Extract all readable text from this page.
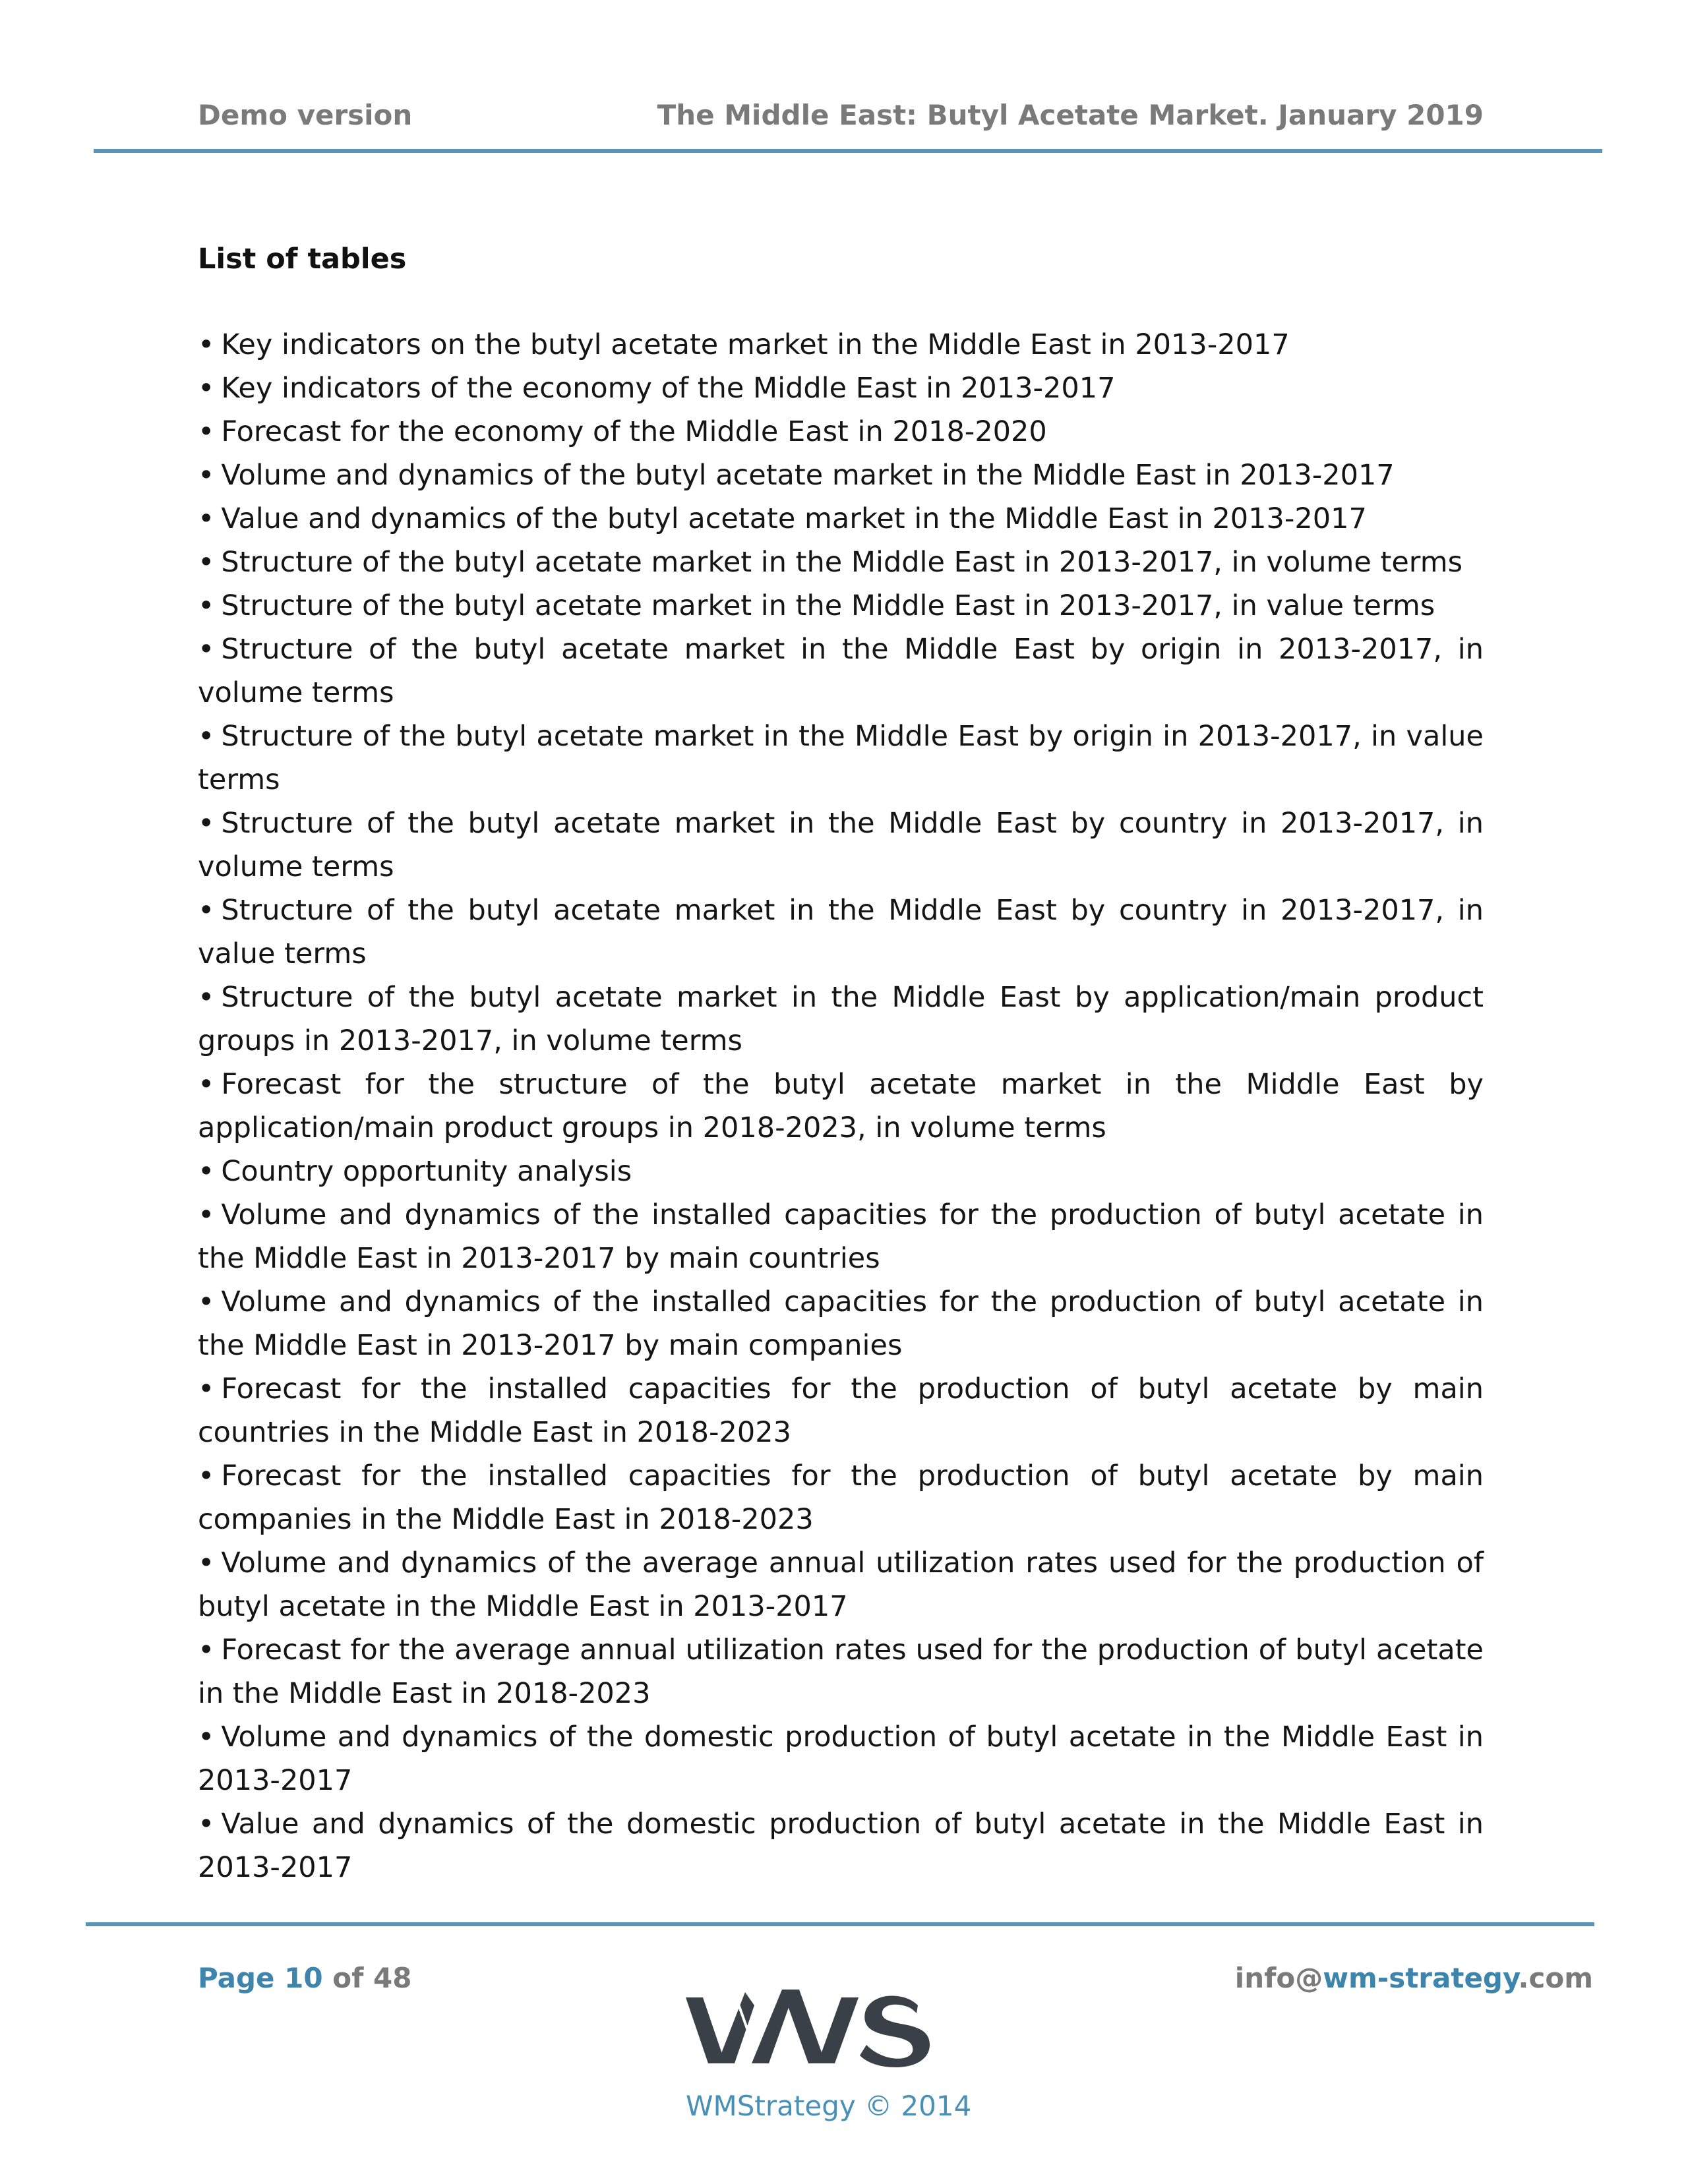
Demo version	The Middle East: Butyl Acetate Market. January 2019
List of tables
• Key indicators on the butyl acetate market in the Middle East in 2013-2017
• Key indicators of the economy of the Middle East in 2013-2017
• Forecast for the economy of the Middle East in 2018-2020
• Volume and dynamics of the butyl acetate market in the Middle East in 2013-2017
• Value and dynamics of the butyl acetate market in the Middle East in 2013-2017
• Structure of the butyl acetate market in the Middle East in 2013-2017, in volume terms
• Structure of the butyl acetate market in the Middle East in 2013-2017, in value terms
• Structure of the butyl acetate market in the Middle East by origin in 2013-2017, in volume terms
• Structure of the butyl acetate market in the Middle East by origin in 2013-2017, in value terms
• Structure of the butyl acetate market in the Middle East by country in 2013-2017, in volume terms
• Structure of the butyl acetate market in the Middle East by country in 2013-2017, in value terms
• Structure of the butyl acetate market in the Middle East by application/main product groups in 2013-2017, in volume terms
• Forecast for the structure of the butyl acetate market in the Middle East by application/main product groups in 2018-2023, in volume terms
• Country opportunity analysis
• Volume and dynamics of the installed capacities for the production of butyl acetate in the Middle East in 2013-2017 by main countries
• Volume and dynamics of the installed capacities for the production of butyl acetate in the Middle East in 2013-2017 by main companies
• Forecast for the installed capacities for the production of butyl acetate by main countries in the Middle East in 2018-2023
• Forecast for the installed capacities for the production of butyl acetate by main companies in the Middle East in 2018-2023
• Volume and dynamics of the average annual utilization rates used for the production of butyl acetate in the Middle East in 2013-2017
• Forecast for the average annual utilization rates used for the production of butyl acetate in the Middle East in 2018-2023
• Volume and dynamics of the domestic production of butyl acetate in the Middle East in 2013-2017
• Value and dynamics of the domestic production of butyl acetate in the Middle East in 2013-2017
Page 10 of 48	info@wm-strategy.com
WMStrategy © 2014
